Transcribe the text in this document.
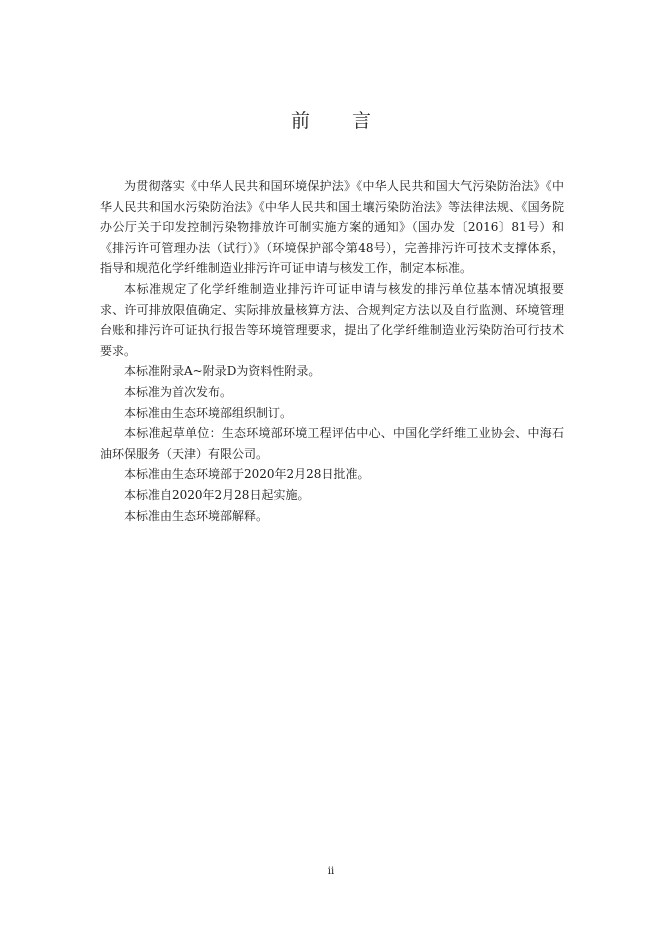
前 言

为贯彻落实《中华人民共和国环境保护法》《中华人民共和国大气污染防治法》《中华人民共和国水污染防治法》《中华人民共和国土壤污染防治法》等法律法规、《国务院办公厅关于印发控制污染物排放许可制实施方案的通知》（国办发〔2016〕81号）和《排污许可管理办法（试行）》（环境保护部令第48号），完善排污许可技术支撑体系，指导和规范化学纤维制造业排污许可证申请与核发工作，制定本标准。

本标准规定了化学纤维制造业排污许可证申请与核发的排污单位基本情况填报要求、许可排放限值确定、实际排放量核算方法、合规判定方法以及自行监测、环境管理台账和排污许可证执行报告等环境管理要求，提出了化学纤维制造业污染防治可行技术要求。

本标准附录A~附录D为资料性附录。

本标准为首次发布。

本标准由生态环境部组织制订。

本标准起草单位：生态环境部环境工程评估中心、中国化学纤维工业协会、中海石油环保服务（天津）有限公司。

本标准由生态环境部于2020年2月28日批准。

本标准自2020年2月28日起实施。

本标准由生态环境部解释。

ii
